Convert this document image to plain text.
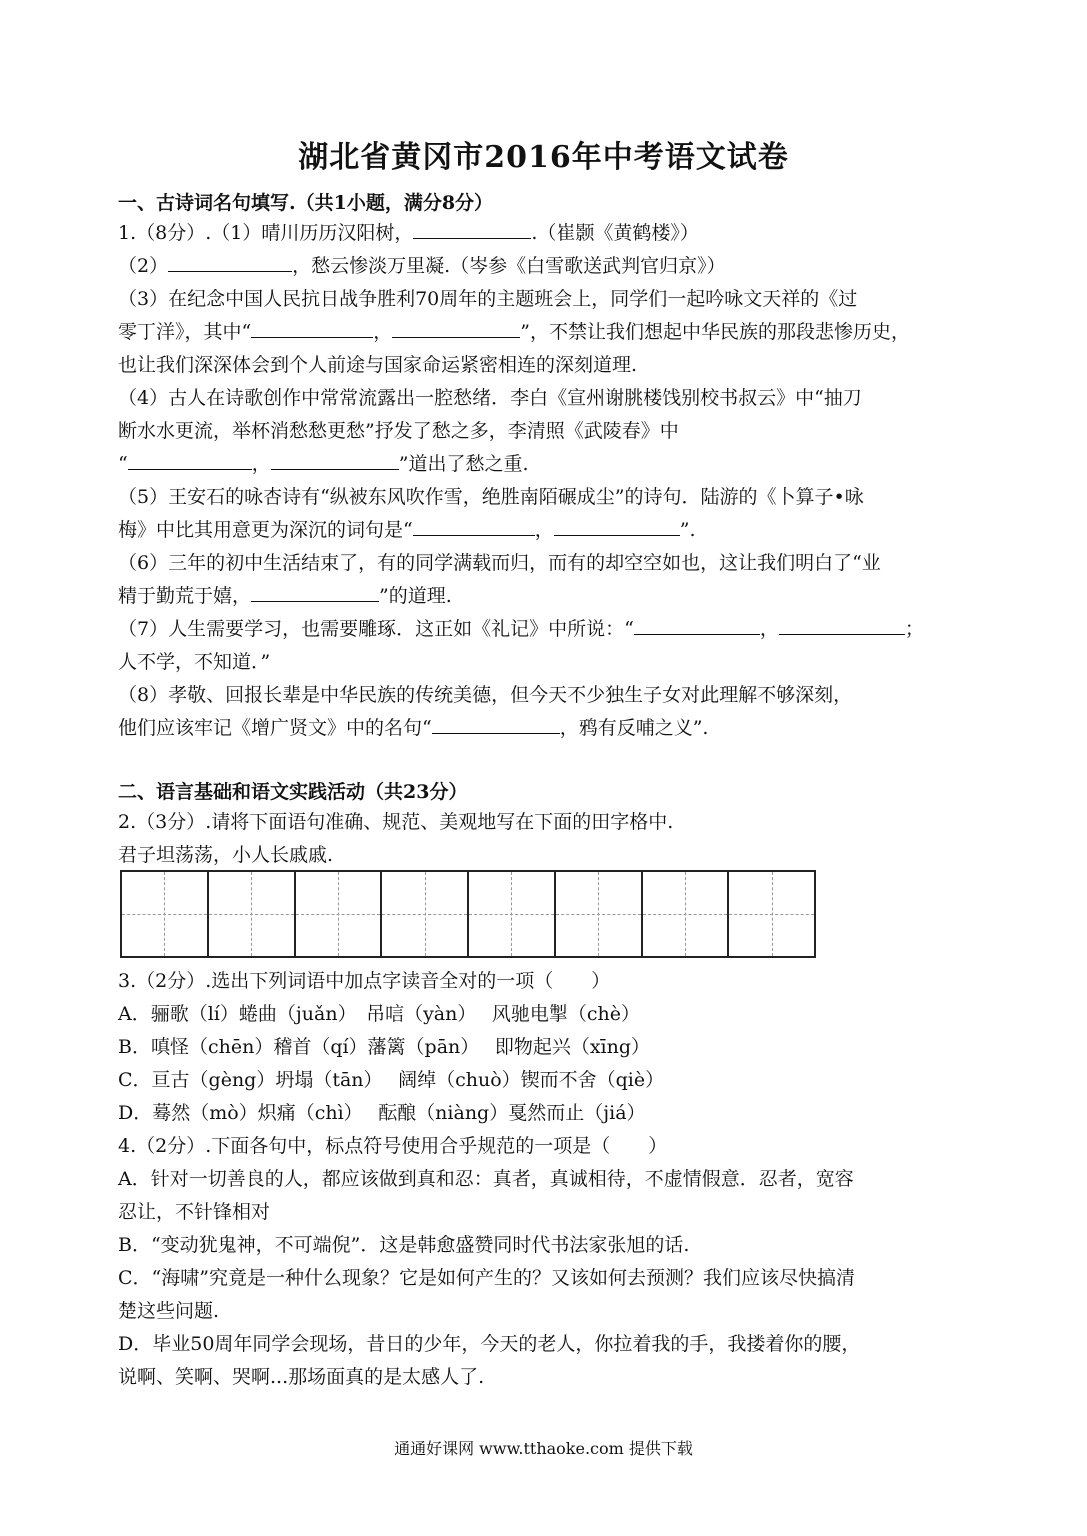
湖北省黄冈市2016年中考语文试卷
一、古诗词名句填写.（共1小题，满分8分）
1.（8分）.（1）晴川历历汉阳树，	.（崔颢《黄鹤楼》）
（2）	，愁云惨淡万里凝.（岑参《白雪歌送武判官归京》）
（3）在纪念中国人民抗日战争胜利70周年的主题班会上，同学们一起吟咏文天祥的《过
零丁洋》，其中“	，	”，不禁让我们想起中华民族的那段悲惨历史，
也让我们深深体会到个人前途与国家命运紧密相连的深刻道理.
（4）古人在诗歌创作中常常流露出一腔愁绪．李白《宣州谢朓楼饯别校书叔云》中“抽刀
断水水更流，举杯消愁愁更愁”抒发了愁之多，李清照《武陵春》中
“	，	”道出了愁之重.
（5）王安石的咏杏诗有“纵被东风吹作雪，绝胜南陌碾成尘”的诗句．陆游的《卜算子•咏
梅》中比其用意更为深沉的词句是“	，	”.
（6）三年的初中生活结束了，有的同学满载而归，而有的却空空如也，这让我们明白了“业
精于勤荒于嬉，	”的道理.
（7）人生需要学习，也需要雕琢．这正如《礼记》中所说：“	，	；
人不学，不知道．”
（8）孝敬、回报长辈是中华民族的传统美德，但今天不少独生子女对此理解不够深刻，
他们应该牢记《增广贤文》中的名句“	，鸦有反哺之义”.
二、语言基础和语文实践活动（共23分）
2.（3分）.请将下面语句准确、规范、美观地写在下面的田字格中.
君子坦荡荡，小人长戚戚.
3.（2分）.选出下列词语中加点字读音全对的一项（　　）
A．骊歌（lí）蜷曲（juǎn）　吊唁（yàn）　 风驰电掣（chè）
B．嗔怪（chēn）稽首（qí）藩篱（pān）　 即物起兴（xīng）
C．亘古（gèng）坍塌（tān）　 阔绰（chuò）锲而不舍（qiè）
D．蓦然（mò）炽痛（chì）　 酝酿（niàng）戛然而止（jiá）
4.（2分）.下面各句中，标点符号使用合乎规范的一项是（　　）
A．针对一切善良的人，都应该做到真和忍：真者，真诚相待，不虚情假意．忍者，宽容
忍让，不针锋相对
B．“变动犹鬼神，不可端倪”．这是韩愈盛赞同时代书法家张旭的话.
C．“海啸”究竟是一种什么现象？它是如何产生的？又该如何去预测？我们应该尽快搞清
楚这些问题.
D．毕业50周年同学会现场，昔日的少年，今天的老人，你拉着我的手，我搂着你的腰，
说啊、笑啊、哭啊...那场面真的是太感人了.
通通好课网 www.tthaoke.com 提供下载
